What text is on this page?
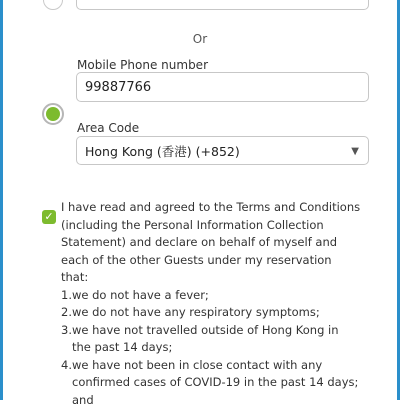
Or
Mobile Phone number
99887766
Area Code
Hong Kong (香港) (+852)	▼
✓

I have read and agreed to the Terms and Conditions (including the Personal Information Collection Statement) and declare on behalf of myself and each of the other Guests under my reservation that:

1. we do not have a fever;
2. we do not have any respiratory symptoms;
3. we have not travelled outside of Hong Kong in the past 14 days;
4. we have not been in close contact with any confirmed cases of COVID-19 in the past 14 days; and
